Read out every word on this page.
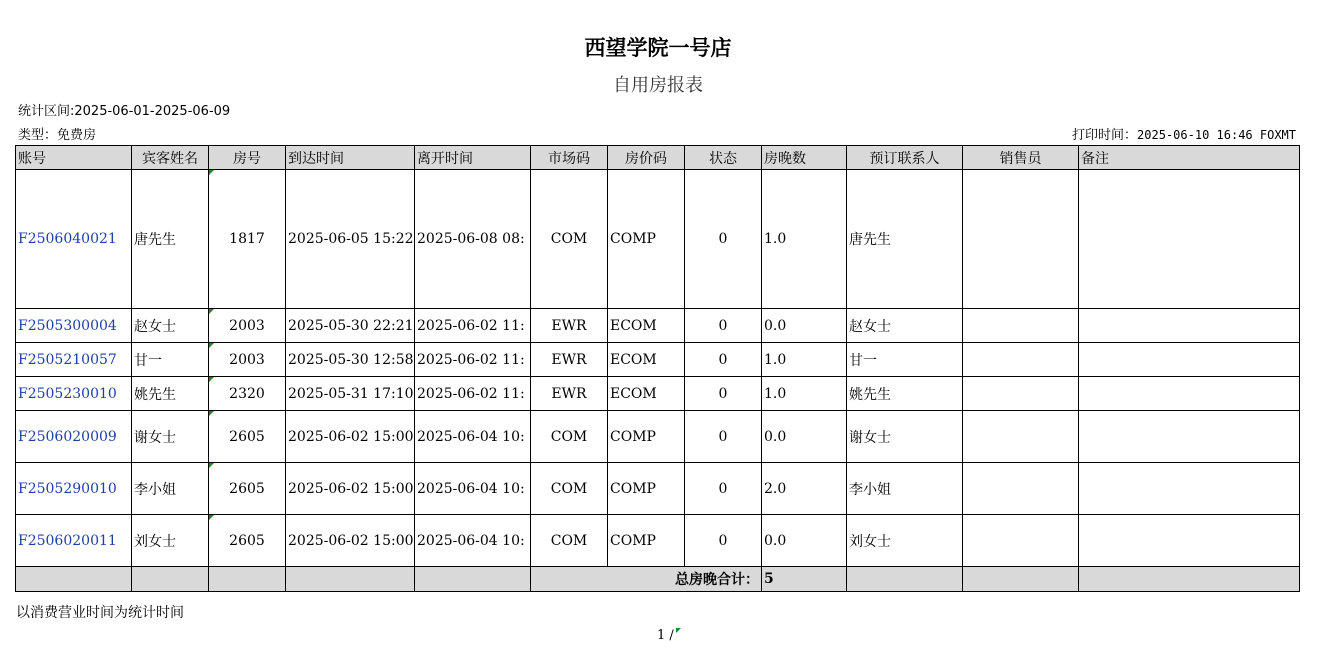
西望学院一号店
自用房报表
统计区间:2025-06-01-2025-06-09
类型：免费房	打印时间：2025-06-10 16:46 FOXMT
账号	宾客姓名	房号	到达时间	离开时间	市场码	房价码	状态	房晚数	预订联系人	销售员	备注
F2506040021	唐先生	1817	2025-06-05 15:22	2025-06-08 08:	COM	COMP	0	1.0	唐先生		
F2505300004	赵女士	2003	2025-05-30 22:21	2025-06-02 11:	EWR	ECOM	0	0.0	赵女士		
F2505210057	甘一	2003	2025-05-30 12:58	2025-06-02 11:	EWR	ECOM	0	1.0	甘一		
F2505230010	姚先生	2320	2025-05-31 17:10	2025-06-02 11:	EWR	ECOM	0	1.0	姚先生		
F2506020009	谢女士	2605	2025-06-02 15:00	2025-06-04 10:	COM	COMP	0	0.0	谢女士		
F2505290010	李小姐	2605	2025-06-02 15:00	2025-06-04 10:	COM	COMP	0	2.0	李小姐		
F2506020011	刘女士	2605	2025-06-02 15:00	2025-06-04 10:	COM	COMP	0	0.0	刘女士		
					总房晚合计：			5			
以消费营业时间为统计时间
1 /
